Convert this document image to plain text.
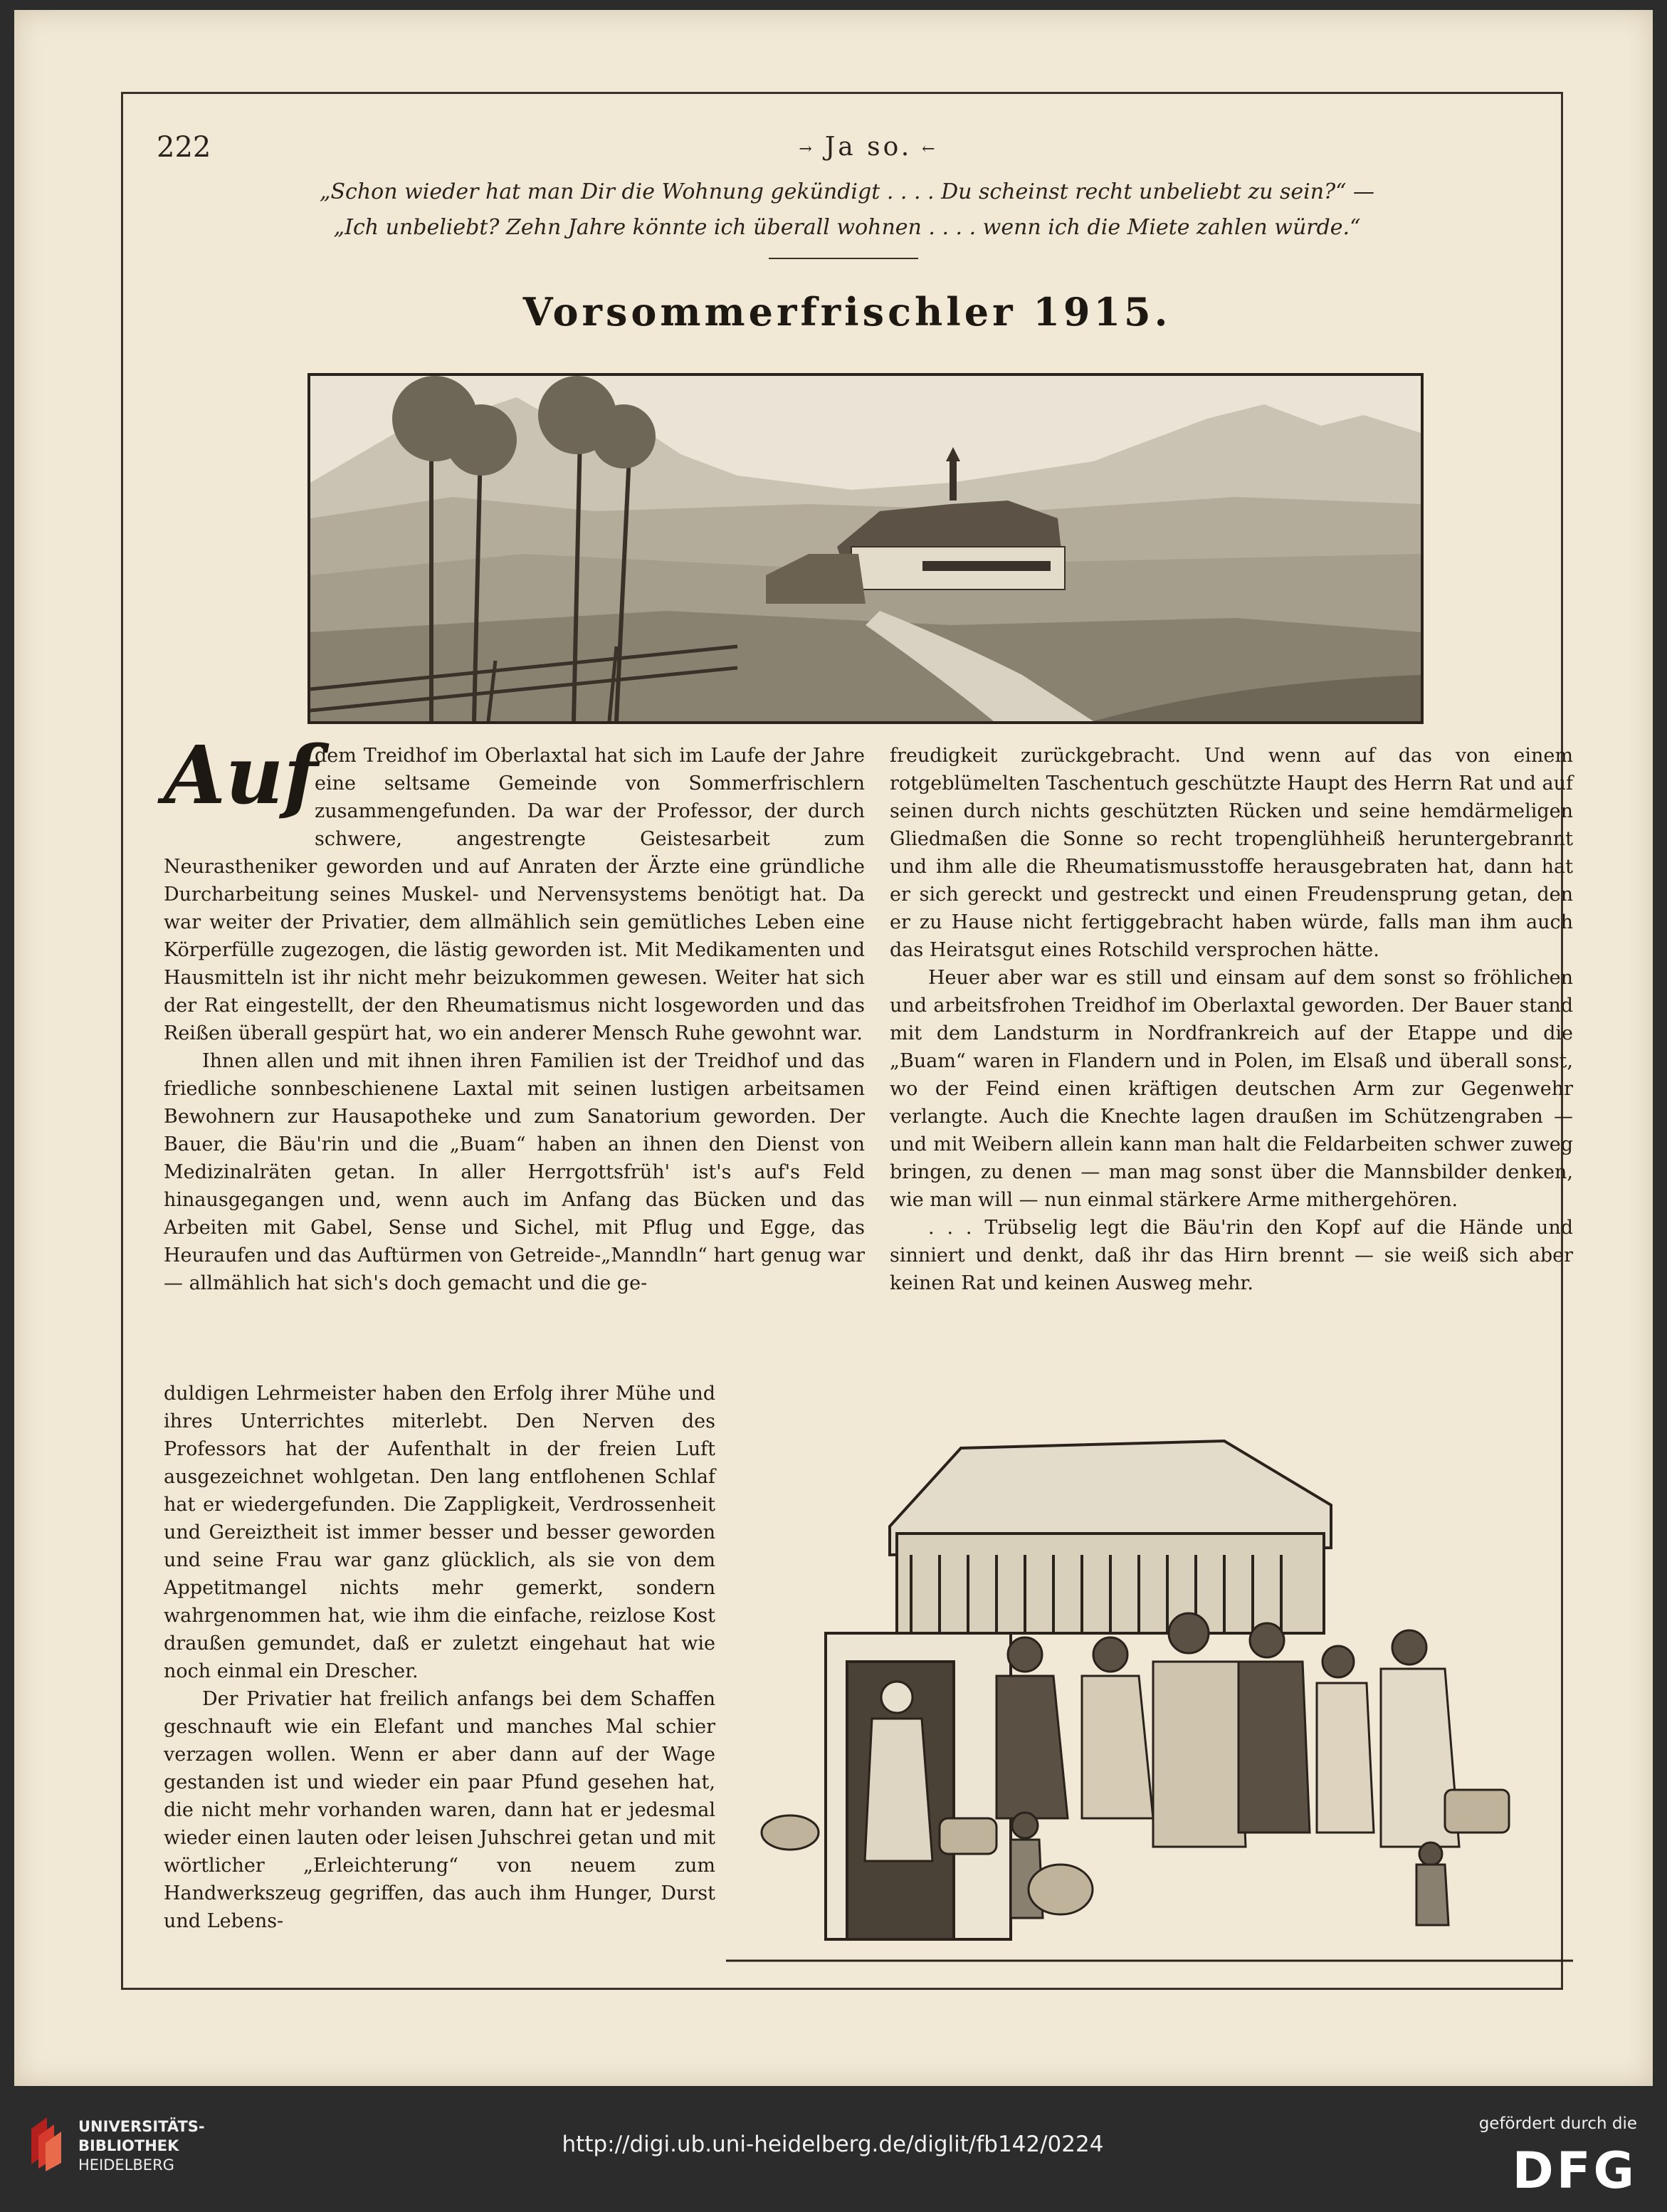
222	→ Ja so. ←
„Schon wieder hat man Dir die Wohnung gekündigt . . . . Du scheinst recht unbeliebt zu sein?“ —
„Ich unbeliebt? Zehn Jahre könnte ich überall wohnen . . . . wenn ich die Miete zahlen würde.“
Vorsommerfrischler 1915.
Auf

dem Treidhof im Oberlaxtal hat sich im Laufe der Jahre eine seltsame Gemeinde von Sommerfrischlern zusammengefunden. Da war der Professor, der durch schwere, angestrengte Geistesarbeit zum Neurastheniker geworden und auf Anraten der Ärzte eine gründliche Durcharbeitung seines Muskel- und Nervensystems benötigt hat. Da war weiter der Privatier, dem allmählich sein gemütliches Leben eine Körperfülle zugezogen, die lästig geworden ist. Mit Medikamenten und Hausmitteln ist ihr nicht mehr beizukommen gewesen. Weiter hat sich der Rat eingestellt, der den Rheumatismus nicht losgeworden und das Reißen überall gespürt hat, wo ein anderer Mensch Ruhe gewohnt war.

Ihnen allen und mit ihnen ihren Familien ist der Treidhof und das friedliche sonnbeschienene Laxtal mit seinen lustigen arbeitsamen Bewohnern zur Hausapotheke und zum Sanatorium geworden. Der Bauer, die Bäu'rin und die „Buam“ haben an ihnen den Dienst von Medizinalräten getan. In aller Herrgottsfrüh' ist's auf's Feld hinausgegangen und, wenn auch im Anfang das Bücken und das Arbeiten mit Gabel, Sense und Sichel, mit Pflug und Egge, das Heuraufen und das Auftürmen von Getreide-„Manndln“ hart genug war — allmählich hat sich's doch gemacht und die ge-

duldigen Lehrmeister haben den Erfolg ihrer Mühe und ihres Unterrichtes miterlebt. Den Nerven des Professors hat der Aufenthalt in der freien Luft ausgezeichnet wohlgetan. Den lang entflohenen Schlaf hat er wiedergefunden. Die Zappligkeit, Verdrossenheit und Gereiztheit ist immer besser und besser geworden und seine Frau war ganz glücklich, als sie von dem Appetitmangel nichts mehr gemerkt, sondern wahrgenommen hat, wie ihm die einfache, reizlose Kost draußen gemundet, daß er zuletzt eingehaut hat wie noch einmal ein Drescher.

Der Privatier hat freilich anfangs bei dem Schaffen geschnauft wie ein Elefant und manches Mal schier verzagen wollen. Wenn er aber dann auf der Wage gestanden ist und wieder ein paar Pfund gesehen hat, die nicht mehr vorhanden waren, dann hat er jedesmal wieder einen lauten oder leisen Juhschrei getan und mit wörtlicher „Erleichterung“ von neuem zum Handwerkszeug gegriffen, das auch ihm Hunger, Durst und Lebens-

freudigkeit zurückgebracht. Und wenn auf das von einem rotgeblümelten Taschentuch geschützte Haupt des Herrn Rat und auf seinen durch nichts geschützten Rücken und seine hemdärmeligen Gliedmaßen die Sonne so recht tropenglühheiß heruntergebrannt und ihm alle die Rheumatismusstoffe herausgebraten hat, dann hat er sich gereckt und gestreckt und einen Freudensprung getan, den er zu Hause nicht fertiggebracht haben würde, falls man ihm auch das Heiratsgut eines Rotschild versprochen hätte.

Heuer aber war es still und einsam auf dem sonst so fröhlichen und arbeitsfrohen Treidhof im Oberlaxtal geworden. Der Bauer stand mit dem Landsturm in Nordfrankreich auf der Etappe und die „Buam“ waren in Flandern und in Polen, im Elsaß und überall sonst, wo der Feind einen kräftigen deutschen Arm zur Gegenwehr verlangte. Auch die Knechte lagen draußen im Schützengraben — und mit Weibern allein kann man halt die Feldarbeiten schwer zuweg bringen, zu denen — man mag sonst über die Mannsbilder denken, wie man will — nun einmal stärkere Arme mithergehören.

. . . Trübselig legt die Bäu'rin den Kopf auf die Hände und sinniert und denkt, daß ihr das Hirn brennt — sie weiß sich aber keinen Rat und keinen Ausweg mehr.

UNIVERSITÄTS-
BIBLIOTHEK
HEIDELBERG
http://digi.ub.uni-heidelberg.de/diglit/fb142/0224
gefördert durch die
DFG
